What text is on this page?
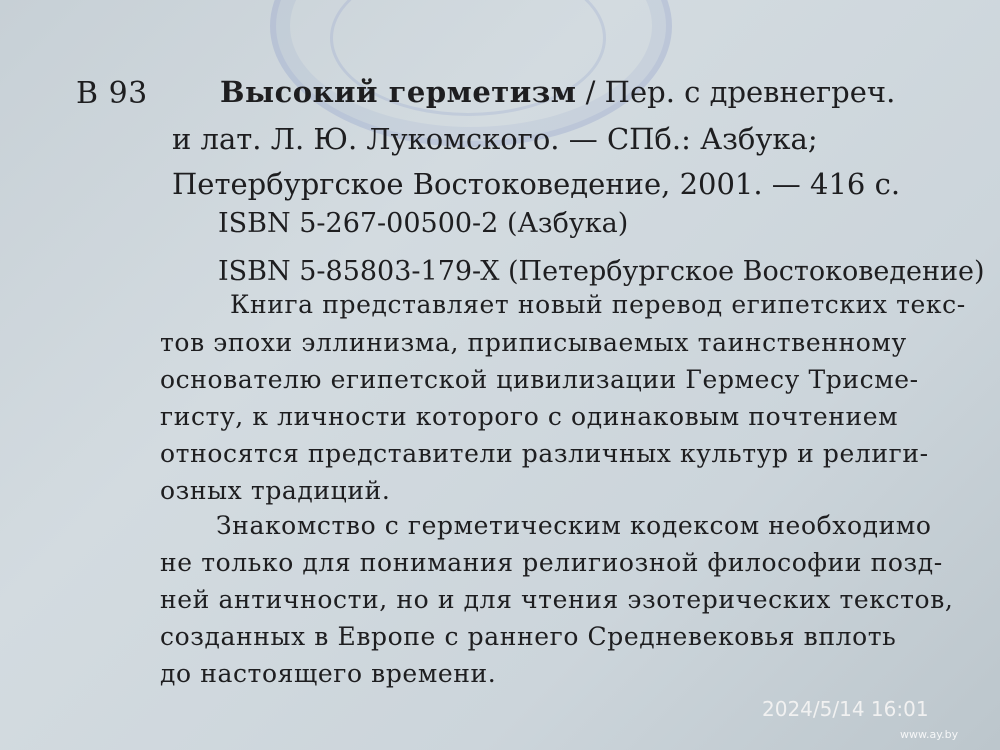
В 93 Высокий герметизм / Пер. с древнегреч.
и лат. Л. Ю. Лукомского. — СПб.: Азбука;
Петербургское Востоковедение, 2001. — 416 с.
ISBN 5-267-00500-2 (Азбука)
ISBN 5-85803-179-X (Петербургское Востоковедение)
Книга представляет новый перевод египетских текс-
тов эпохи эллинизма, приписываемых таинственному
основателю египетской цивилизации Гермесу Трисме-
гисту, к личности которого с одинаковым почтением
относятся представители различных культур и религи-
озных традиций.
Знакомство с герметическим кодексом необходимо
не только для понимания религиозной философии позд-
ней античности, но и для чтения эзотерических текстов,
созданных в Европе с раннего Средневековья вплоть
до настоящего времени.
2024/5/14 16:01
www.ay.by
